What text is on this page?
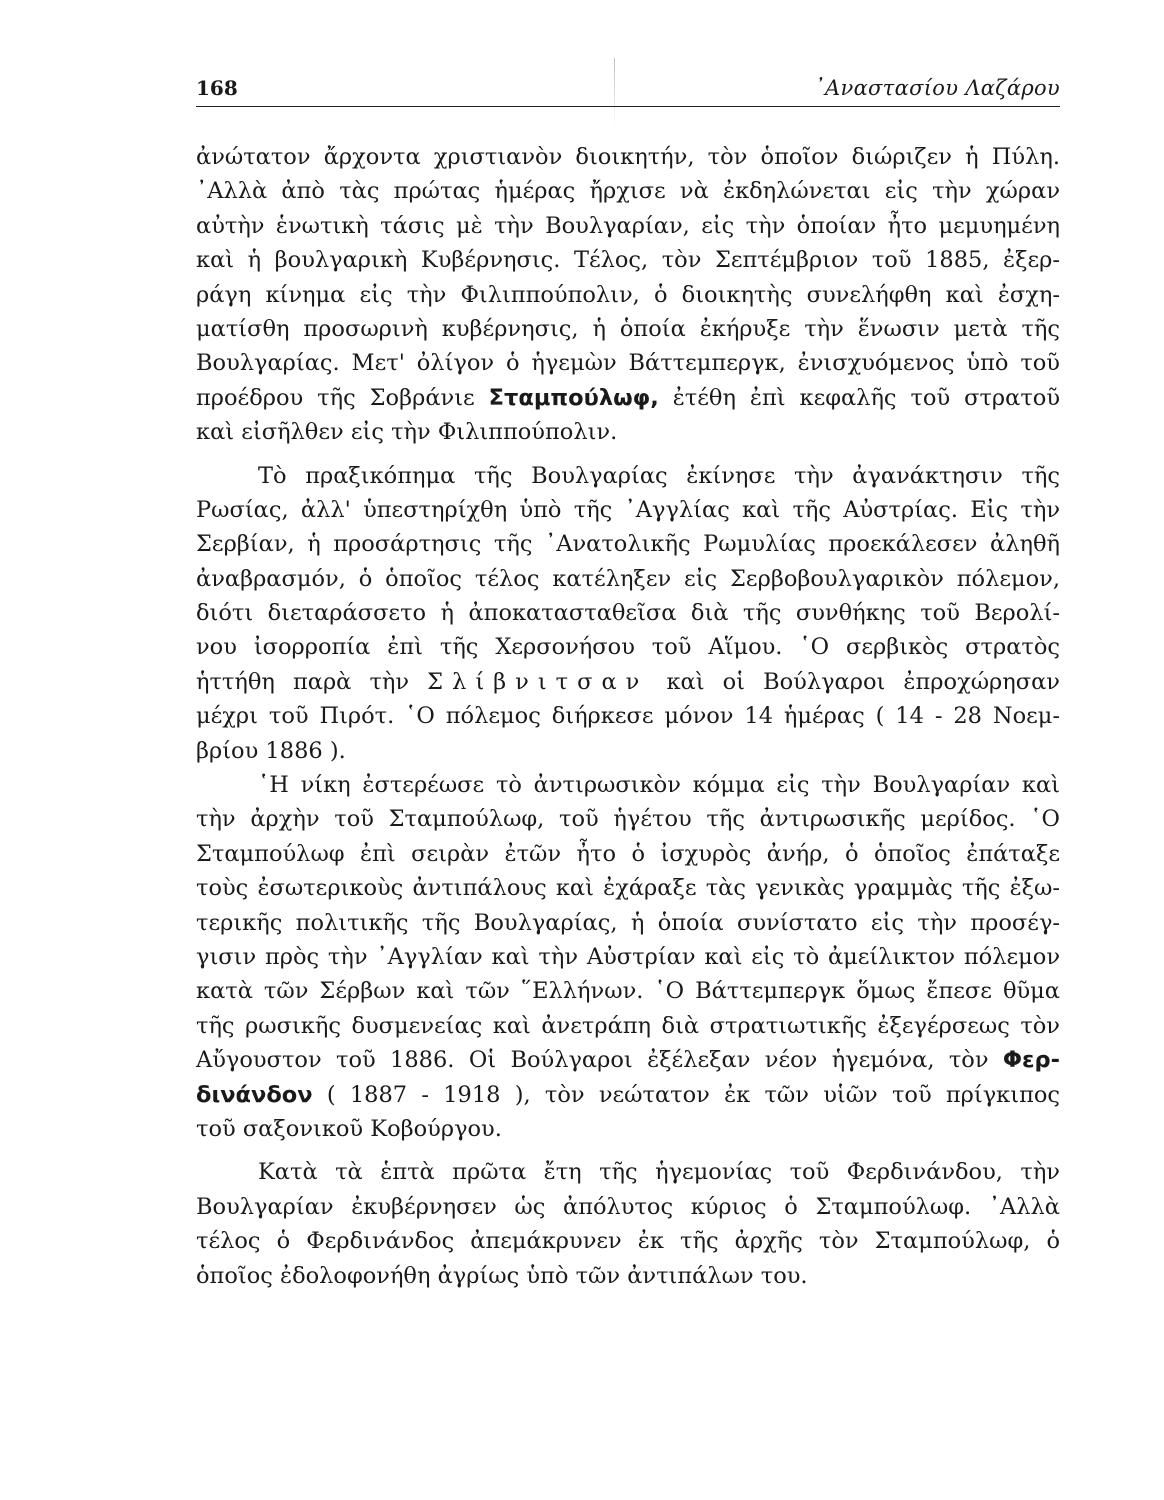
168	᾿Αναστασίου Λαζάρου
ἀνώτατον ἄρχοντα χριστιανὸν διοικητήν, τὸν ὁποῖον διώριζεν ἡ Πύλη.
᾿Αλλὰ ἀπὸ τὰς πρώτας ἡμέρας ἤρχισε νὰ ἐκδηλώνεται εἰς τὴν χώραν
αὐτὴν ἑνωτικὴ τάσις μὲ τὴν Βουλγαρίαν, εἰς τὴν ὁποίαν ἦτο μεμυημένη
καὶ ἡ βουλγαρικὴ Κυβέρνησις. Τέλος, τὸν Σεπτέμβριον τοῦ 1885, ἐξερ-
ράγη κίνημα εἰς τὴν Φιλιππούπολιν, ὁ διοικητὴς συνελήφθη καὶ ἐσχη-
ματίσθη προσωρινὴ κυβέρνησις, ἡ ὁποία ἐκήρυξε τὴν ἕνωσιν μετὰ τῆς
Βουλγαρίας. Μετ' ὀλίγον ὁ ἡγεμὼν Βάττεμπεργκ, ἐνισχυόμενος ὑπὸ τοῦ
προέδρου τῆς Σοβράνιε Σταμπούλωφ, ἐτέθη ἐπὶ κεφαλῆς τοῦ στρατοῦ
καὶ εἰσῆλθεν εἰς τὴν Φιλιππούπολιν.
Τὸ πραξικόπημα τῆς Βουλγαρίας ἐκίνησε τὴν ἀγανάκτησιν τῆς
Ρωσίας, ἀλλ' ὑπεστηρίχθη ὑπὸ τῆς ᾿Αγγλίας καὶ τῆς Αὐστρίας. Εἰς τὴν
Σερβίαν, ἡ προσάρτησις τῆς ᾿Ανατολικῆς Ρωμυλίας προεκάλεσεν ἀληθῆ
ἀναβρασμόν, ὁ ὁποῖος τέλος κατέληξεν εἰς Σερβοβουλγαρικὸν πόλεμον,
διότι διεταράσσετο ἡ ἀποκατασταθεῖσα διὰ τῆς συνθήκης τοῦ Βερολί-
νου ἰσορροπία ἐπὶ τῆς Χερσονήσου τοῦ Αἵμου. ῾Ο σερβικὸς στρατὸς
ἡττήθη παρὰ τὴν Σλίβνιτσαν καὶ οἱ Βούλγαροι ἐπροχώρησαν
μέχρι τοῦ Πιρότ. ῾Ο πόλεμος διήρκεσε μόνον 14 ἡμέρας ( 14 - 28 Νοεμ-
βρίου 1886 ).
῾Η νίκη ἐστερέωσε τὸ ἀντιρωσικὸν κόμμα εἰς τὴν Βουλγαρίαν καὶ
τὴν ἀρχὴν τοῦ Σταμπούλωφ, τοῦ ἡγέτου τῆς ἀντιρωσικῆς μερίδος. ῾Ο
Σταμπούλωφ ἐπὶ σειρὰν ἐτῶν ἦτο ὁ ἰσχυρὸς ἀνήρ, ὁ ὁποῖος ἐπάταξε
τοὺς ἐσωτερικοὺς ἀντιπάλους καὶ ἐχάραξε τὰς γενικὰς γραμμὰς τῆς ἐξω-
τερικῆς πολιτικῆς τῆς Βουλγαρίας, ἡ ὁποία συνίστατο εἰς τὴν προσέγ-
γισιν πρὸς τὴν ᾿Αγγλίαν καὶ τὴν Αὐστρίαν καὶ εἰς τὸ ἀμείλικτον πόλεμον
κατὰ τῶν Σέρβων καὶ τῶν ῞Ελλήνων. ῾Ο Βάττεμπεργκ ὅμως ἔπεσε θῦμα
τῆς ρωσικῆς δυσμενείας καὶ ἀνετράπη διὰ στρατιωτικῆς ἐξεγέρσεως τὸν
Αὔγουστον τοῦ 1886. Οἱ Βούλγαροι ἐξέλεξαν νέον ἡγεμόνα, τὸν Φερ-
δινάνδον ( 1887 - 1918 ), τὸν νεώτατον ἐκ τῶν υἱῶν τοῦ πρίγκιπος
τοῦ σαξονικοῦ Κοβούργου.
Κατὰ τὰ ἑπτὰ πρῶτα ἔτη τῆς ἡγεμονίας τοῦ Φερδινάνδου, τὴν
Βουλγαρίαν ἐκυβέρνησεν ὡς ἀπόλυτος κύριος ὁ Σταμπούλωφ. ᾿Αλλὰ
τέλος ὁ Φερδινάνδος ἀπεμάκρυνεν ἐκ τῆς ἀρχῆς τὸν Σταμπούλωφ, ὁ
ὁποῖος ἐδολοφονήθη ἀγρίως ὑπὸ τῶν ἀντιπάλων του.
